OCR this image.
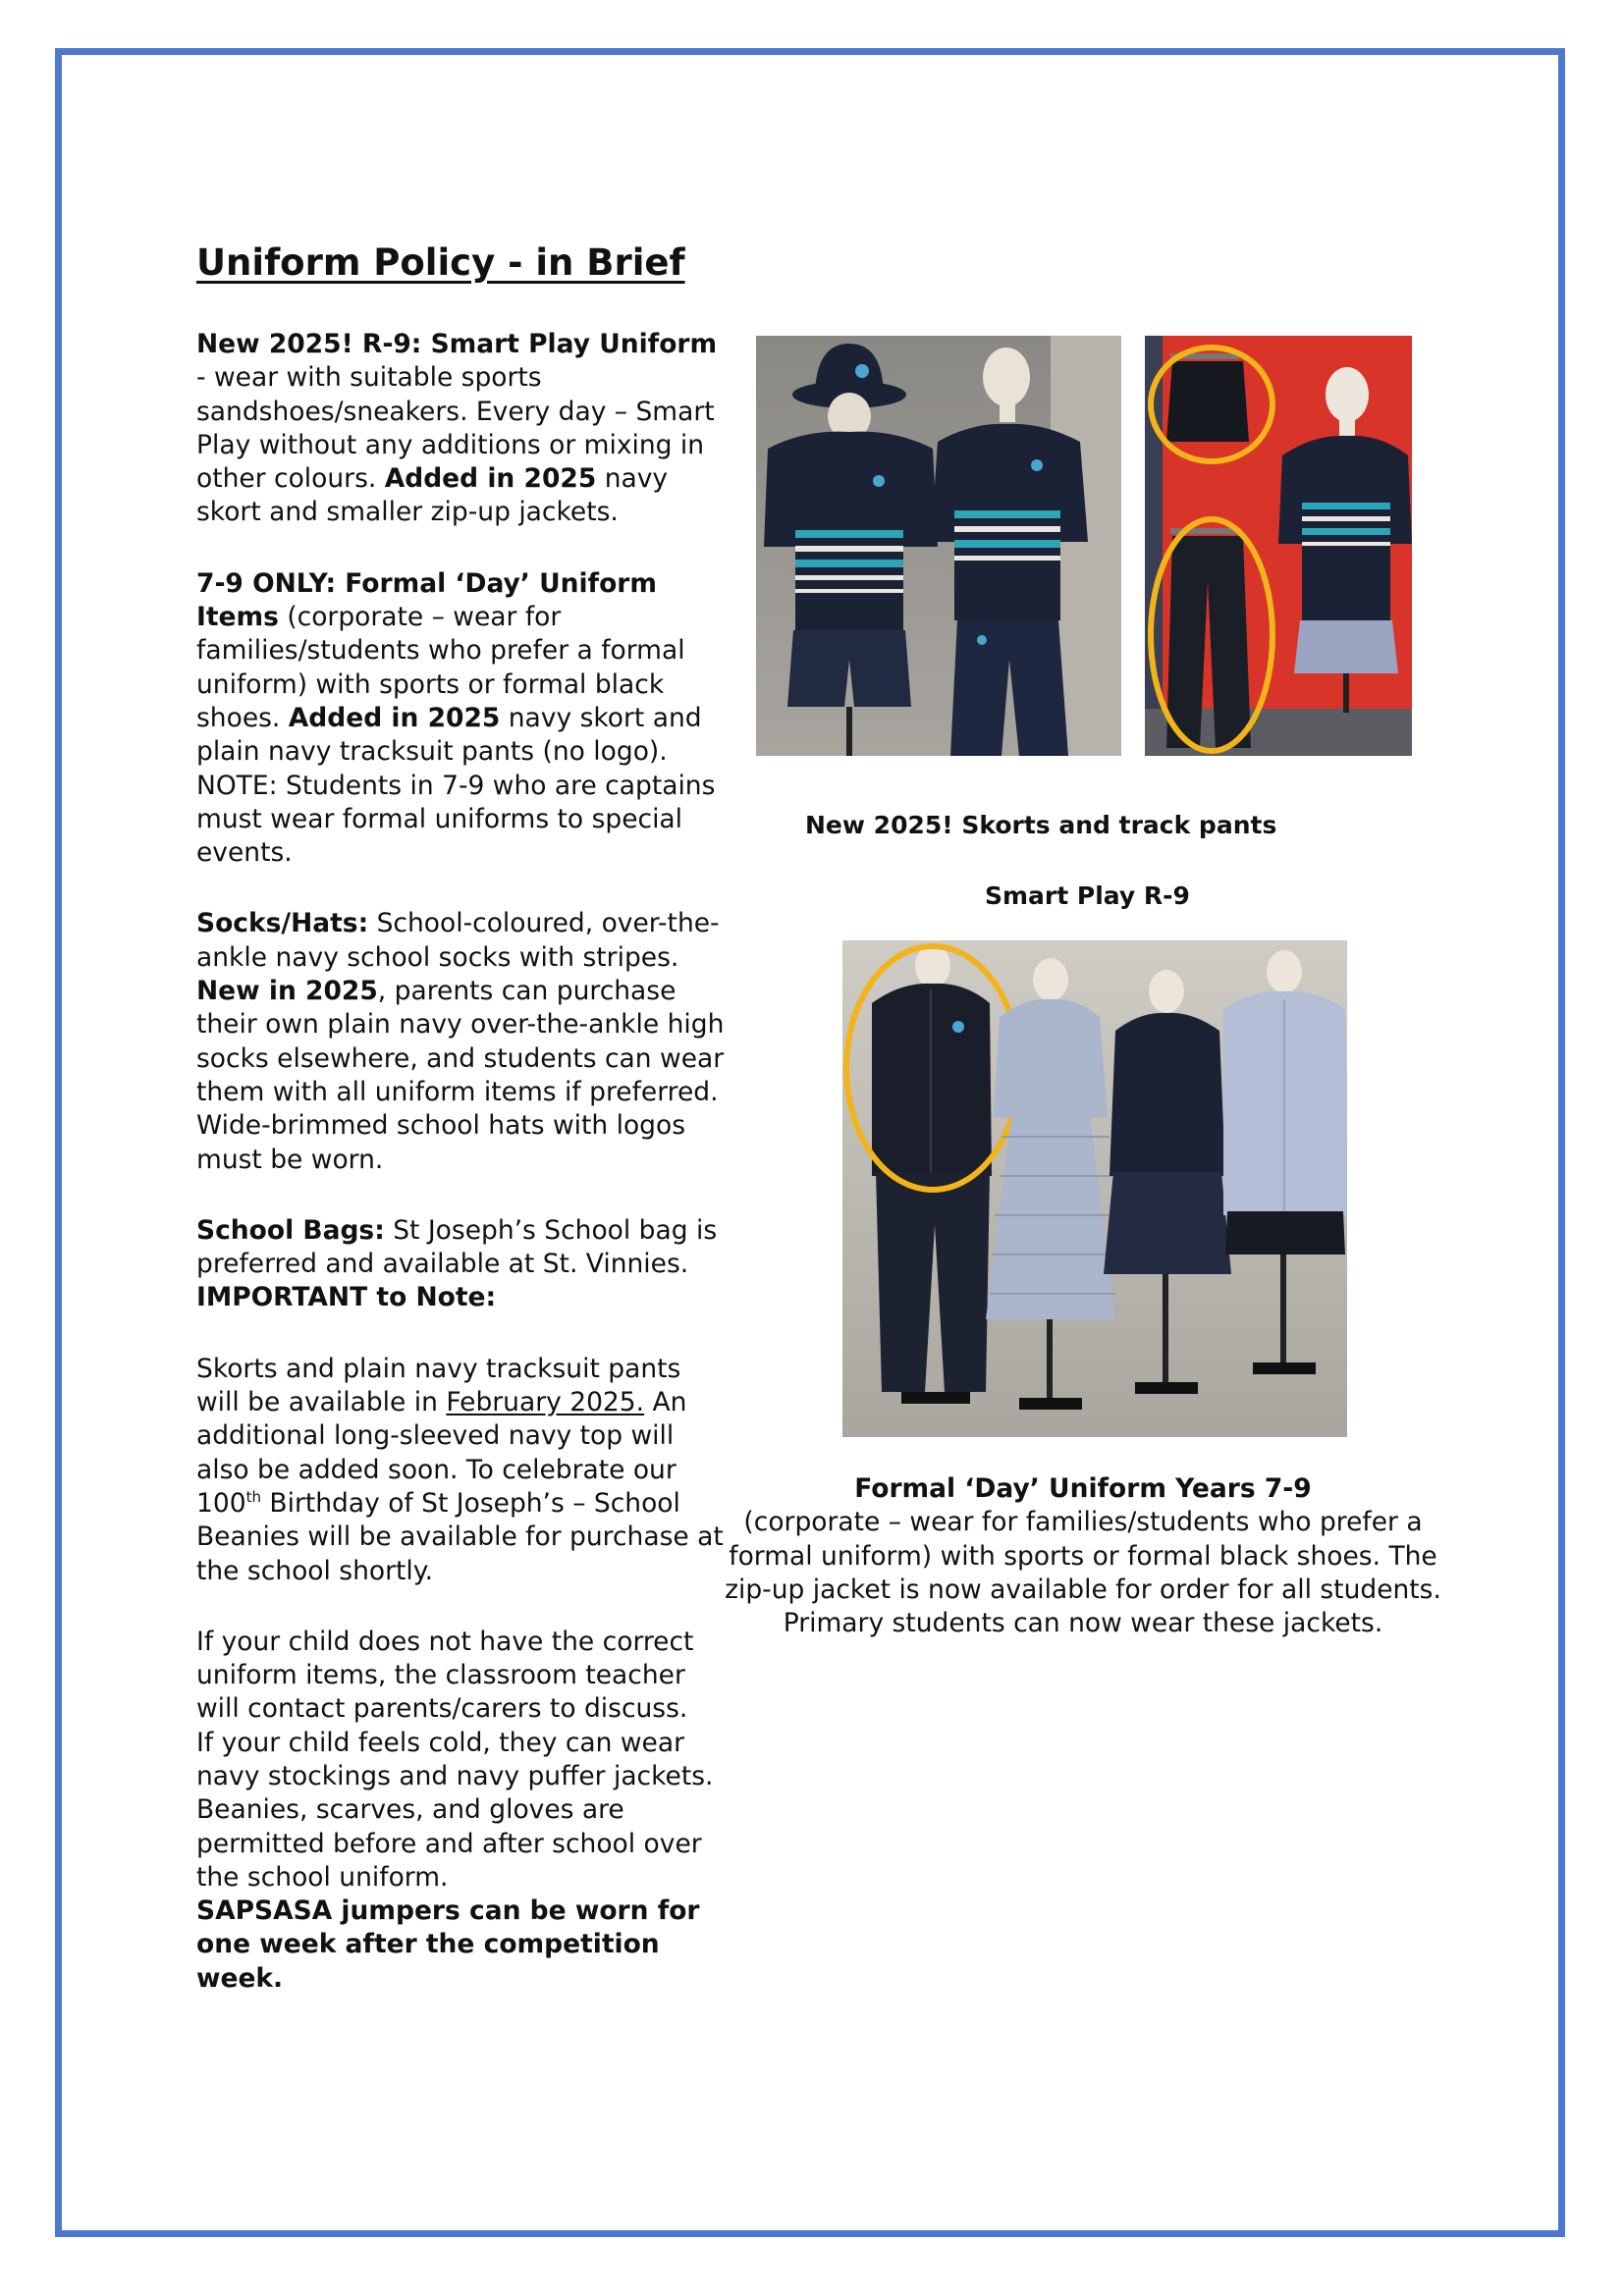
Uniform Policy - in Brief

New 2025! R-9: Smart Play Uniform - wear with suitable sports sandshoes/sneakers. Every day – Smart Play without any additions or mixing in other colours. Added in 2025 navy skort and smaller zip-up jackets.

7-9 ONLY: Formal ‘Day’ Uniform Items (corporate – wear for families/students who prefer a formal uniform) with sports or formal black shoes. Added in 2025 navy skort and plain navy tracksuit pants (no logo). NOTE: Students in 7-9 who are captains must wear formal uniforms to special events.

Socks/Hats: School-coloured, over-the-ankle navy school socks with stripes. New in 2025, parents can purchase their own plain navy over-the-ankle high socks elsewhere, and students can wear them with all uniform items if preferred. Wide-brimmed school hats with logos must be worn.

School Bags: St Joseph’s School bag is preferred and available at St. Vinnies.
IMPORTANT to Note:

Skorts and plain navy tracksuit pants will be available in February 2025. An additional long-sleeved navy top will also be added soon. To celebrate our 100th Birthday of St Joseph’s – School Beanies will be available for purchase at the school shortly.

If your child does not have the correct uniform items, the classroom teacher will contact parents/carers to discuss.

If your child feels cold, they can wear navy stockings and navy puffer jackets. Beanies, scarves, and gloves are permitted before and after school over the school uniform.
SAPSASA jumpers can be worn for one week after the competition week.

New 2025! Skorts and track pants
Smart Play R-9

Formal ‘Day’ Uniform Years 7-9

(corporate – wear for families/students who prefer a formal uniform) with sports or formal black shoes. The zip-up jacket is now available for order for all students. Primary students can now wear these jackets.
